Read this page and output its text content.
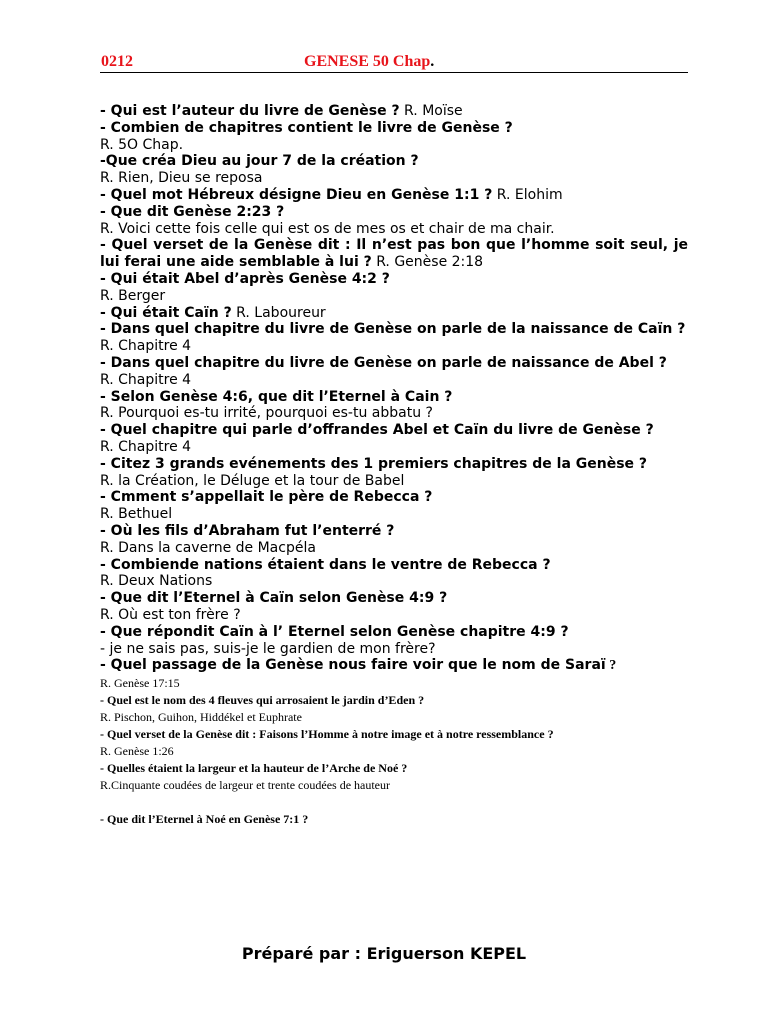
0212	GENESE 50 Chap.

- Qui est l’auteur du livre de Genèse ? R. Moïse

- Combien de chapitres contient le livre de Genèse ?

R. 5O Chap.

-Que créa Dieu au jour 7 de la création ?

R. Rien, Dieu se reposa

- Quel mot Hébreux désigne Dieu en Genèse 1:1 ? R. Elohim

- Que dit Genèse 2:23 ?

R. Voici cette fois celle qui est os de mes os et chair de ma chair.

- Quel verset de la Genèse dit : Il n’est pas bon que l’homme soit seul, je lui ferai une aide semblable à lui ? R. Genèse 2:18

- Qui était Abel d’après Genèse 4:2 ?

R. Berger

- Qui était Caïn ? R. Laboureur

- Dans quel chapitre du livre de Genèse on parle de la naissance de Caïn ?

R. Chapitre 4

- Dans quel chapitre du livre de Genèse on parle de naissance de Abel ?

R. Chapitre 4

- Selon Genèse 4:6, que dit l’Eternel à Cain ?

R. Pourquoi es-tu irrité, pourquoi es-tu abbatu ?

- Quel chapitre qui parle d’offrandes Abel et Caïn du livre de Genèse ?

R. Chapitre 4

- Citez 3 grands evénements des 1 premiers chapitres de la Genèse ?

R. la Création, le Déluge et la tour de Babel

- Cmment s’appellait le père de Rebecca ?

R. Bethuel

- Où les fils d’Abraham fut l’enterré ?

R. Dans la caverne de Macpéla

- Combiende nations étaient dans le ventre de Rebecca ?

R. Deux Nations

- Que dit l’Eternel à Caïn selon Genèse 4:9 ?

R. Où est ton frère ?

- Que répondit Caïn à l’ Eternel selon Genèse chapitre 4:9 ?

- je ne sais pas, suis-je le gardien de mon frère?

- Quel passage de la Genèse nous faire voir que le nom de Saraï ?

R. Genèse 17:15

- Quel est le nom des 4 fleuves qui arrosaient le jardin d’Eden ?

R. Pischon, Guihon, Hiddékel et Euphrate

- Quel verset de la Genèse dit : Faisons l’Homme à notre image et à notre ressemblance ?

R. Genèse 1:26

- Quelles étaient la largeur et la hauteur de l’Arche de Noé ?

R.Cinquante coudées de largeur et trente coudées de hauteur

- Que dit l’Eternel à Noé en Genèse 7:1 ?

Préparé par : Eriguerson KEPEL
